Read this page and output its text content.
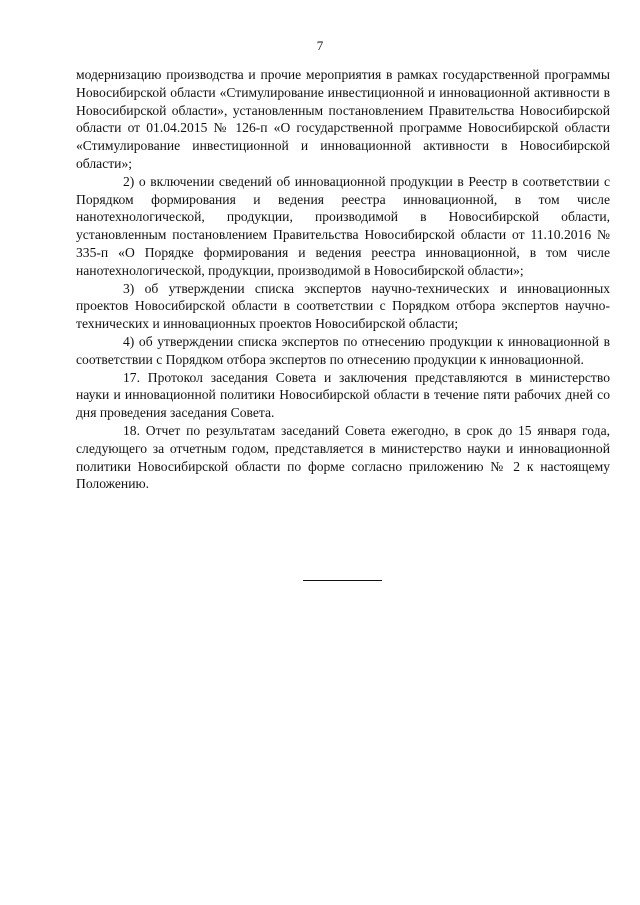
7

модернизацию производства и прочие мероприятия в рамках государственной программы Новосибирской области «Стимулирование инвестиционной и инновационной активности в Новосибирской области», установленным постановлением Правительства Новосибирской области от 01.04.2015 № 126-п «О государственной программе Новосибирской области «Стимулирование инвестиционной и инновационной активности в Новосибирской области»;

2) о включении сведений об инновационной продукции в Реестр в соответствии с Порядком формирования и ведения реестра инновационной, в том числе нанотехнологической, продукции, производимой в Новосибирской области, установленным постановлением Правительства Новосибирской области от 11.10.2016 № 335-п «О Порядке формирования и ведения реестра инновационной, в том числе нанотехнологической, продукции, производимой в Новосибирской области»;

3) об утверждении списка экспертов научно-технических и инновационных проектов Новосибирской области в соответствии с Порядком отбора экспертов научно-технических и инновационных проектов Новосибирской области;

4) об утверждении списка экспертов по отнесению продукции к инновационной в соответствии с Порядком отбора экспертов по отнесению продукции к инновационной.

17. Протокол заседания Совета и заключения представляются в министерство науки и инновационной политики Новосибирской области в течение пяти рабочих дней со дня проведения заседания Совета.

18. Отчет по результатам заседаний Совета ежегодно, в срок до 15 января года, следующего за отчетным годом, представляется в министерство науки и инновационной политики Новосибирской области по форме согласно приложению № 2 к настоящему Положению.
